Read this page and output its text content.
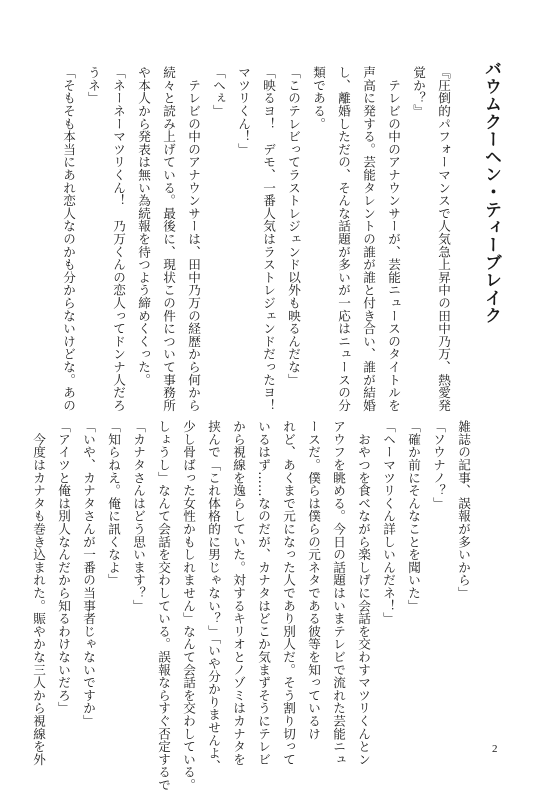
バウムクーヘン・ティーブレイク
『圧倒的パフォーマンスで人気急上昇中の田中乃万、熱愛発
覚か？』
　テレビの中のアナウンサーが、芸能ニュースのタイトルを
声高に発する。芸能タレントの誰が誰と付き合い、誰が結婚
し、離婚しただの、そんな話題が多いが一応はニュースの分
類である。
「このテレビってラストレジェンド以外も映るんだな」
「映るヨ！　デモ、一番人気はラストレジェンドだったヨ！
マツリくん！」
「へぇ」
　テレビの中のアナウンサーは、田中乃万の経歴から何から
続々と読み上げている。最後に、現状この件について事務所
や本人から発表は無い為続報を待つよう締めくくった。
「ネーネーマツリくん！　乃万くんの恋人ってドンナ人だろ
うネ」
「そもそも本当にあれ恋人なのかも分からないけどな。あの
雑誌の記事、誤報が多いから」
「ソウナノ？」
「確か前にそんなことを聞いた」
「ヘーマツリくん詳しいんだネ！」
　おやつを食べながら楽しげに会話を交わすマツリくんとン
アウフを眺める。今日の話題はいまテレビで流れた芸能ニュ
ースだ。僕らは僕らの元ネタである彼等を知っているけ
れど、あくまで元になった人であり別人だ。そう割り切って
いるはず……なのだが、カナタはどこか気まずそうにテレビ
から視線を逸らしていた。対するキリオとノゾミはカナタを
挟んで「これ体格的に男じゃない？」「いや分かりませんよ、
少し骨ばった女性かもしれません」なんて会話を交わしている。
しょうし」なんて会話を交わしている。誤報ならすぐ否定するで
「カナタさんはどう思います？」
「知らねえ。俺に訊くなよ」
「いや、カナタさんが一番の当事者じゃないですか」
「アイツと俺は別人なんだから知るわけないだろ」
　今度はカナタも巻き込まれた。賑やかな三人から視線を外	2
